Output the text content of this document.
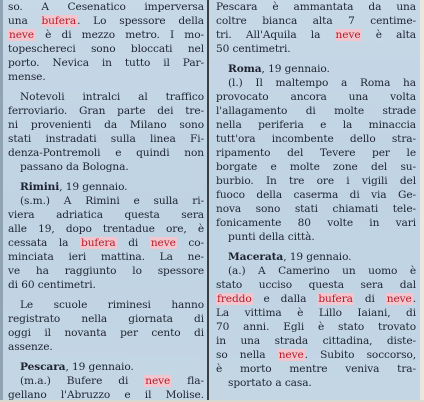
so. A Cesenatico imperversa
una bufera. Lo spessore della
neve è di mezzo metro. I mo-
topeschereci sono bloccati nel
porto. Nevica in tutto il Par-
mense.
Notevoli intralci al traffico
ferroviario. Gran parte dei tre-
ni provenienti da Milano sono
stati instradati sulla linea Fi-
denza-Pontremoli e quindi non
passano da Bologna.
Rimini, 19 gennaio.
(s.m.) A Rimini e sulla ri-
viera adriatica questa sera
alle 19, dopo trentadue ore, è
cessata la bufera di neve co-
minciata ieri mattina. La ne-
ve ha raggiunto lo spessore
di 60 centimetri.
Le scuole riminesi hanno
registrato nella giornata di
oggi il novanta per cento di
assenze.
Pescara, 19 gennaio.
(m.a.) Bufere di neve fla-
gellano l'Abruzzo e il Molise.
Pescara è ammantata da una
coltre bianca alta 7 centime-
tri. All'Aquila la neve è alta
50 centimetri.
Roma, 19 gennaio.
(l.) Il maltempo a Roma ha
provocato ancora una volta
l'allagamento di molte strade
nella periferia e la minaccia
tutt'ora incombente dello stra-
ripamento del Tevere per le
borgate e molte zone del su-
burbio. In tre ore i vigili del
fuoco della caserma di via Ge-
nova sono stati chiamati tele-
fonicamente 80 volte in vari
punti della città.
Macerata, 19 gennaio.
(a.) A Camerino un uomo è
stato ucciso questa sera dal
freddo e dalla bufera di neve.
La vittima è Lillo Iaiani, di
70 anni. Egli è stato trovato
in una strada cittadina, diste-
so nella neve. Subito soccorso,
è morto mentre veniva tra-
sportato a casa.
